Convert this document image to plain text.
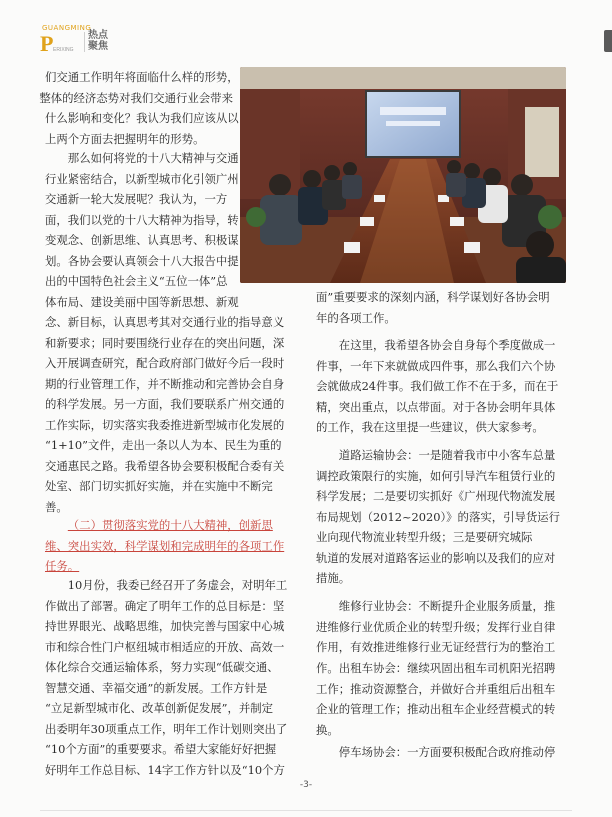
GUANGMING
P ERIXING
热点
聚焦

们交通工作明年将面临什么样的形势，

整体的经济态势对我们交通行业会带来

什么影响和变化？我认为我们应该从以

上两个方面去把握明年的形势。

那么如何将党的十八大精神与交通

行业紧密结合，以新型城市化引领广州

交通新一轮大发展呢？我认为，一方

面，我们以党的十八大精神为指导，转

变观念、创新思维、认真思考、积极谋

划。各协会要认真领会十八大报告中提

出的中国特色社会主义“五位一体”总

体布局、建设美丽中国等新思想、新观

念、新目标，认真思考其对交通行业的指导意义

和新要求；同时要围绕行业存在的突出问题，深

入开展调查研究，配合政府部门做好今后一段时

期的行业管理工作，并不断推动和完善协会自身

的科学发展。另一方面，我们要联系广州交通的

工作实际，切实落实我委推进新型城市化发展的

“1+10”文件，走出一条以人为本、民生为重的

交通惠民之路。我希望各协会要积极配合委有关

处室、部门切实抓好实施，并在实施中不断完

善。

（二）贯彻落实党的十八大精神，创新思

维、突出实效，科学谋划和完成明年的各项工作

任务。

10月份，我委已经召开了务虚会，对明年工

作做出了部署。确定了明年工作的总目标是：坚

持世界眼光、战略思维，加快完善与国家中心城

市和综合性门户枢纽城市相适应的开放、高效一

体化综合交通运输体系，努力实现“低碳交通、

智慧交通、幸福交通”的新发展。工作方针是

“立足新型城市化、改革创新促发展”，并制定

出委明年30项重点工作，明年工作计划则突出了

“10个方面”的重要要求。希望大家能好好把握

好明年工作总目标、14字工作方针以及“10个方

面”重要要求的深刻内涵，科学谋划好各协会明

年的各项工作。

在这里，我希望各协会自身每个季度做成一

件事，一年下来就做成四件事，那么我们六个协

会就做成24件事。我们做工作不在于多，而在于

精，突出重点，以点带面。对于各协会明年具体

的工作，我在这里提一些建议，供大家参考。

道路运输协会：一是随着我市中小客车总量

调控政策限行的实施，如何引导汽车租赁行业的

科学发展；二是要切实抓好《广州现代物流发展

布局规划（2012~2020）》的落实，引导货运行

业向现代物流业转型升级；三是要研究城际

轨道的发展对道路客运业的影响以及我们的应对

措施。

维修行业协会：不断提升企业服务质量，推

进维修行业优质企业的转型升级；发挥行业自律

作用，有效推进维修行业无证经营行为的整治工

作。 出租车协会：继续巩固出租车司机阳光招聘

工作；推动资源整合，并做好合并重组后出租车

企业的管理工作；推动出租车企业经营模式的转

换。

停车场协会：一方面要积极配合政府推动停

-3-
